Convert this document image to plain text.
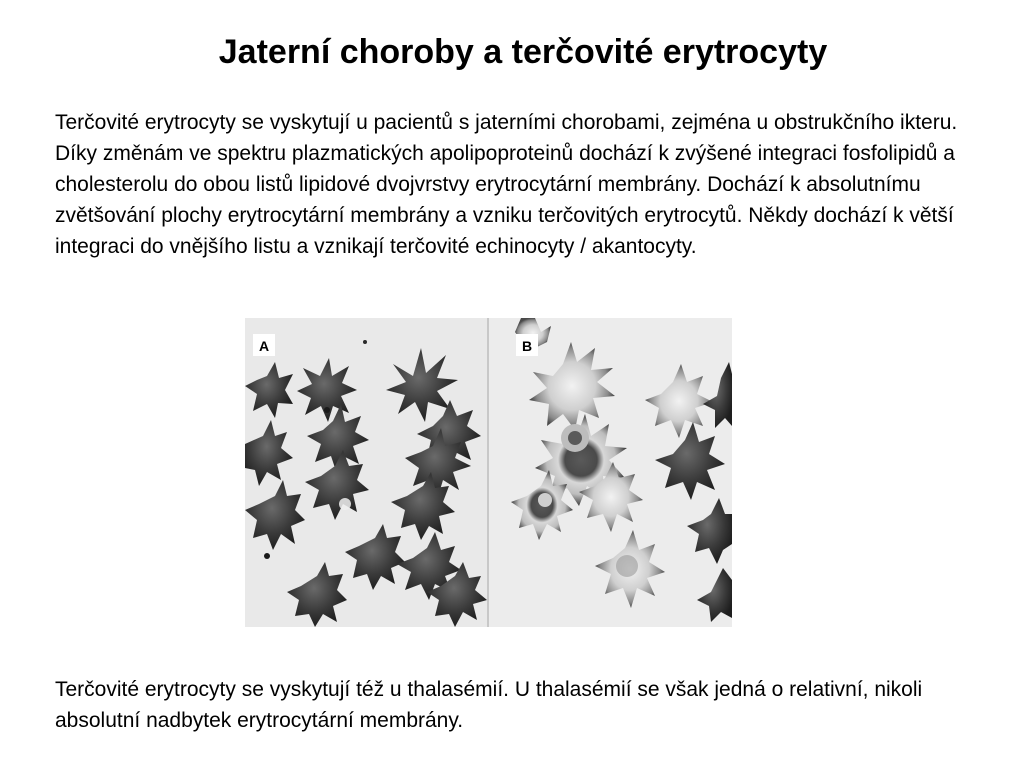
Jaterní choroby a terčovité erytrocyty

Terčovité erytrocyty se vyskytují u pacientů s jaterními chorobami, zejména u obstrukčního ikteru. Díky změnám ve spektru plazmatických apolipoproteinů dochází k zvýšené integraci fosfolipidů a cholesterolu do obou listů lipidové dvojvrstvy erytrocytární membrány. Dochází k absolutnímu zvětšování plochy erytrocytární membrány a vzniku terčovitých erytrocytů. Někdy dochází k větší integraci do vnějšího listu a vznikají terčovité echinocyty / akantocyty.

A	B

Terčovité erytrocyty se vyskytují též u thalasémií. U thalasémií se však jedná o relativní, nikoli absolutní nadbytek erytrocytární membrány.
